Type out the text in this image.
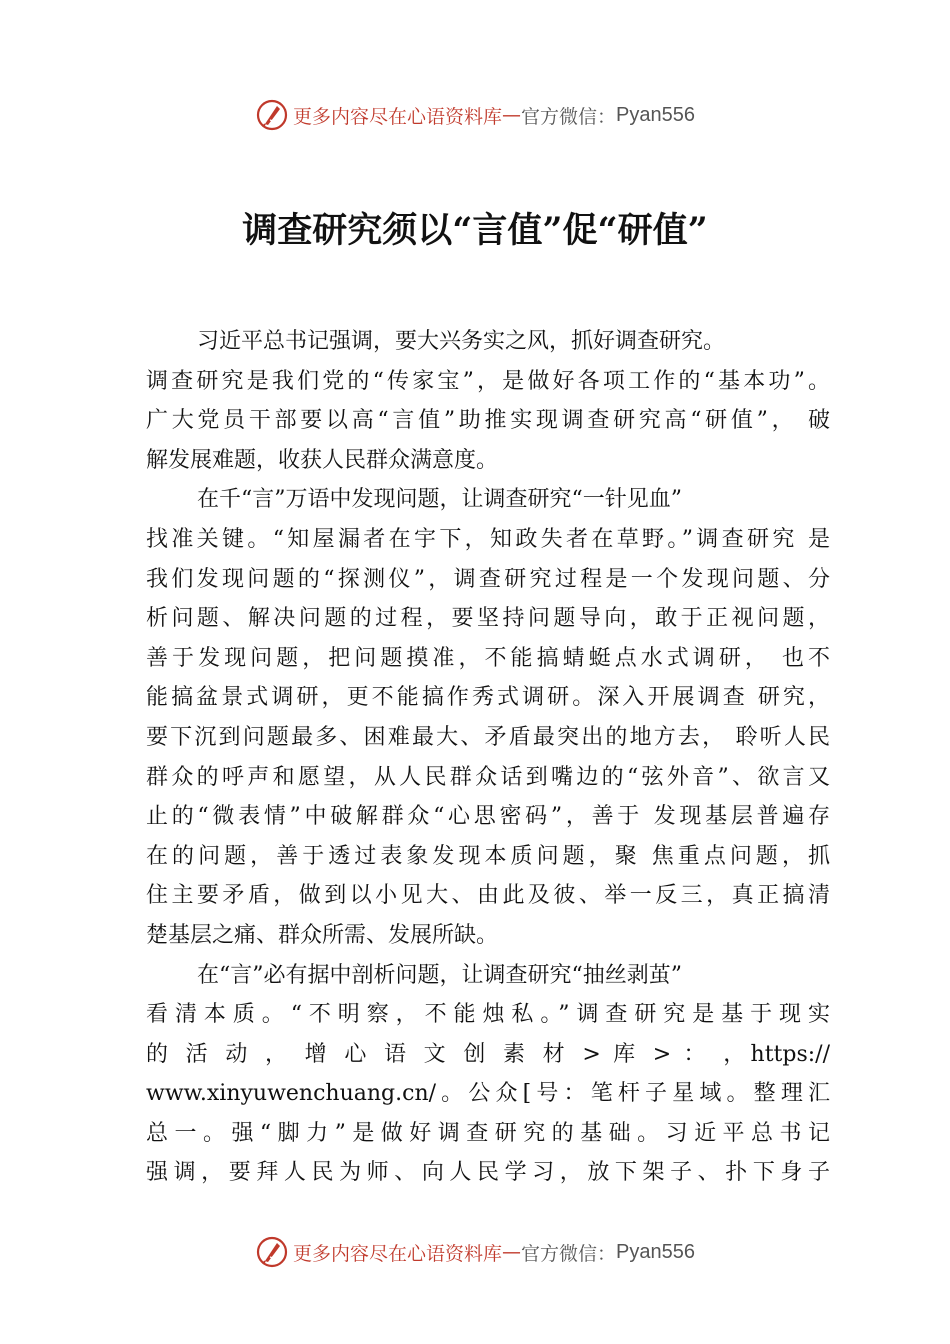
更多内容尽在心语资料库 — 官方微信： Pyan556
调查研究须以“言值”促“研值”
习近平总书记强调，要大兴务实之风，抓好调查研究。
调查研究是我们党的“传家宝”，是做好各项工作的“基本功”。
广大党员干部要以高“言值”助推实现调查研究高“研值”， 破
解发展难题，收获人民群众满意度。
在千“言”万语中发现问题，让调查研究“一针见血”
找准关键。“知屋漏者在宇下，知政失者在草野。”调查研究 是
我们发现问题的“探测仪”，调查研究过程是一个发现问题、分
析问题、解决问题的过程，要坚持问题导向，敢于正视问题，
善于发现问题，把问题摸准，不能搞蜻蜓点水式调研， 也不
能搞盆景式调研，更不能搞作秀式调研。深入开展调查 研究，
要下沉到问题最多、困难最大、矛盾最突出的地方去， 聆听人民
群众的呼声和愿望，从人民群众话到嘴边的“弦外音”、欲言又
止的“微表情”中破解群众“心思密码”，善于 发现基层普遍存
在的问题，善于透过表象发现本质问题，聚 焦重点问题，抓
住主要矛盾，做到以小见大、由此及彼、举一反三，真正搞清
楚基层之痛、群众所需、发展所缺。
在“言”必有据中剖析问题，让调查研究“抽丝剥茧”
看清本质。“不明察，不能烛私。”调查研究是基于现实
的 活 动 ， 增 心 语 文 创 素 材 > 库 > ： ，https://
www.xinyuwenchuang.cn/。公众[号：笔杆子星域。整理汇
总一。强“脚力”是做好调查研究的基础。习近平总书记
强调，要拜人民为师、向人民学习，放下架子、扑下身子
更多内容尽在心语资料库 — 官方微信： Pyan556
